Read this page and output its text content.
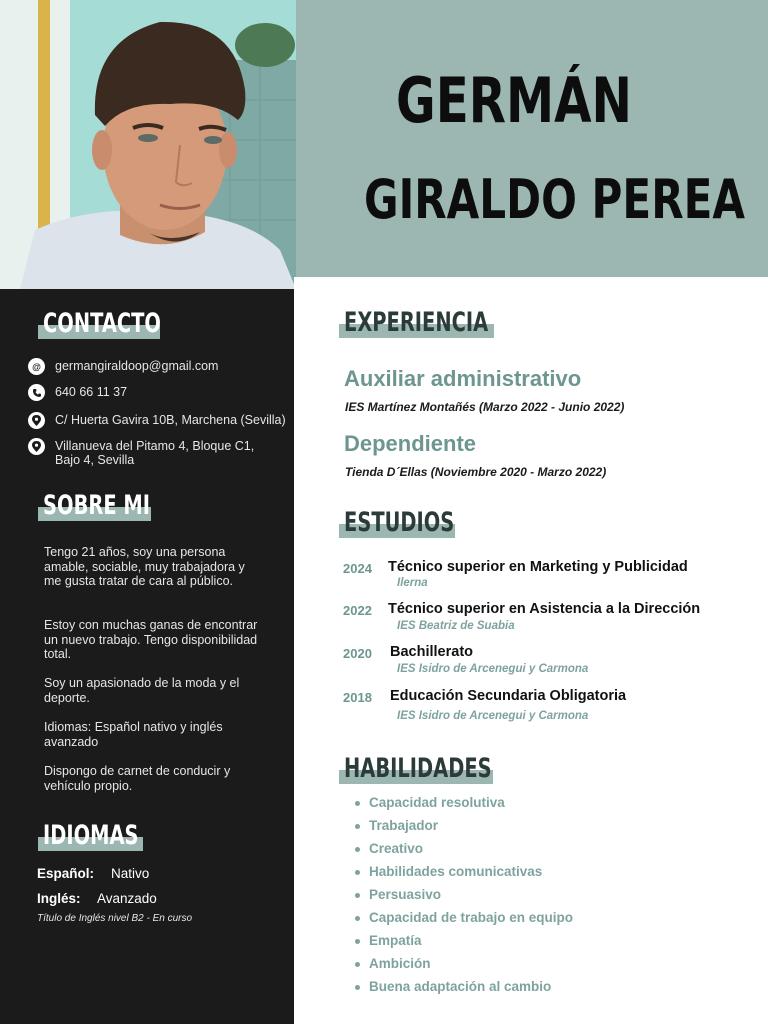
GERMÁN
GIRALDO PEREA
CONTACTO
@	germangiraldoop@gmail.com
640 66 11 37
C/ Huerta Gavira 10B, Marchena (Sevilla)
Villanueva del Pitamo 4, Bloque C1,
Bajo 4, Sevilla
SOBRE MI

Tengo 21 años, soy una persona amable, sociable, muy trabajadora y me gusta tratar de cara al público.

Estoy con muchas ganas de encontrar un nuevo trabajo. Tengo disponibilidad total.

Soy un apasionado de la moda y el deporte.

Idiomas: Español nativo y inglés avanzado

Dispongo de carnet de conducir y vehículo propio.

IDIOMAS
Español: Nativo
Inglés: Avanzado
Título de Inglés nivel B2 - En curso
EXPERIENCIA
Auxiliar administrativo
IES Martínez Montañés (Marzo 2022 - Junio 2022)
Dependiente
Tienda D´Ellas (Noviembre 2020 - Marzo 2022)
ESTUDIOS
2024 Técnico superior en Marketing y Publicidad
Ilerna
2022 Técnico superior en Asistencia a la Dirección
IES Beatriz de Suabia
2020 Bachillerato
IES Isidro de Arcenegui y Carmona
2018 Educación Secundaria Obligatoria
IES Isidro de Arcenegui y Carmona
HABILIDADES
Capacidad resolutiva
Trabajador
Creativo
Habilidades comunicativas
Persuasivo
Capacidad de trabajo en equipo
Empatía
Ambición
Buena adaptación al cambio
